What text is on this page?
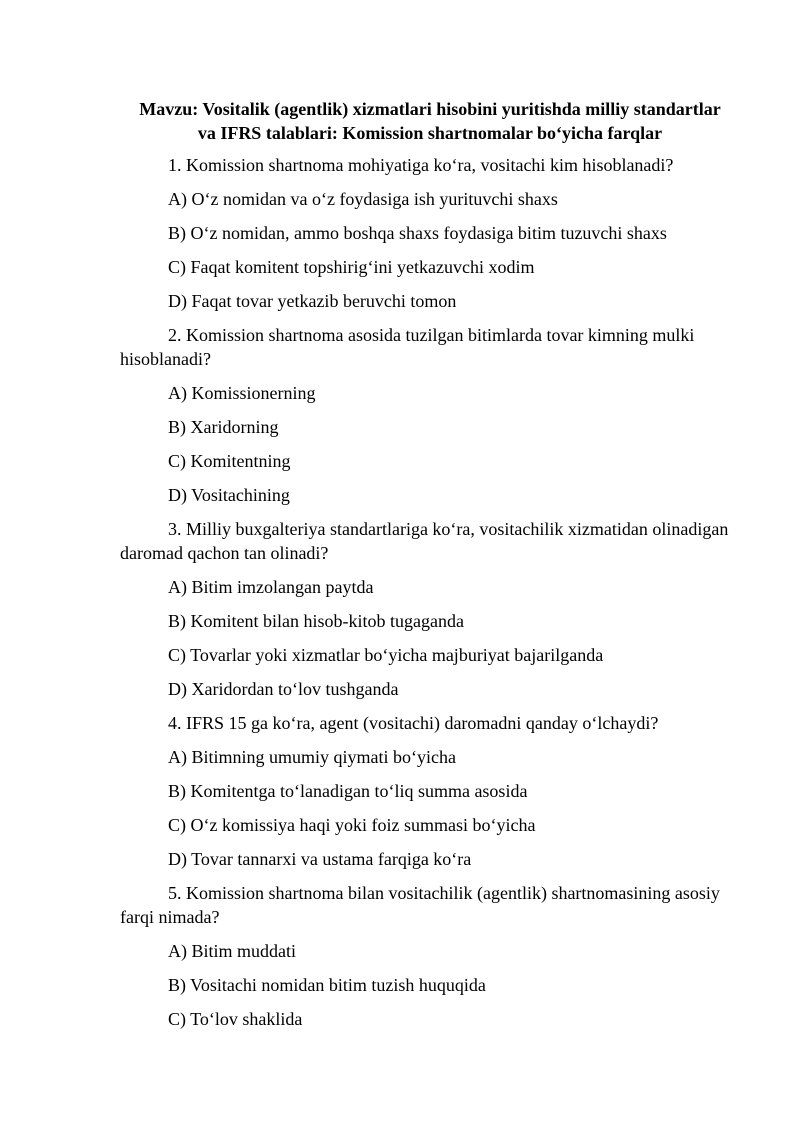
Mavzu: Vositalik (agentlik) xizmatlari hisobini yuritishda milliy standartlar
va IFRS talablari: Komission shartnomalar bo‘yicha farqlar

1. Komission shartnoma mohiyatiga ko‘ra, vositachi kim hisoblanadi?

A) O‘z nomidan va o‘z foydasiga ish yurituvchi shaxs

B) O‘z nomidan, ammo boshqa shaxs foydasiga bitim tuzuvchi shaxs

C) Faqat komitent topshirig‘ini yetkazuvchi xodim

D) Faqat tovar yetkazib beruvchi tomon

2. Komission shartnoma asosida tuzilgan bitimlarda tovar kimning mulki hisoblanadi?

A) Komissionerning

B) Xaridorning

C) Komitentning

D) Vositachining

3. Milliy buxgalteriya standartlariga ko‘ra, vositachilik xizmatidan olinadigan daromad qachon tan olinadi?

A) Bitim imzolangan paytda

B) Komitent bilan hisob-kitob tugaganda

C) Tovarlar yoki xizmatlar bo‘yicha majburiyat bajarilganda

D) Xaridordan to‘lov tushganda

4. IFRS 15 ga ko‘ra, agent (vositachi) daromadni qanday o‘lchaydi?

A) Bitimning umumiy qiymati bo‘yicha

B) Komitentga to‘lanadigan to‘liq summa asosida

C) O‘z komissiya haqi yoki foiz summasi bo‘yicha

D) Tovar tannarxi va ustama farqiga ko‘ra

5. Komission shartnoma bilan vositachilik (agentlik) shartnomasining asosiy farqi nimada?

A) Bitim muddati

B) Vositachi nomidan bitim tuzish huquqida

C) To‘lov shaklida
